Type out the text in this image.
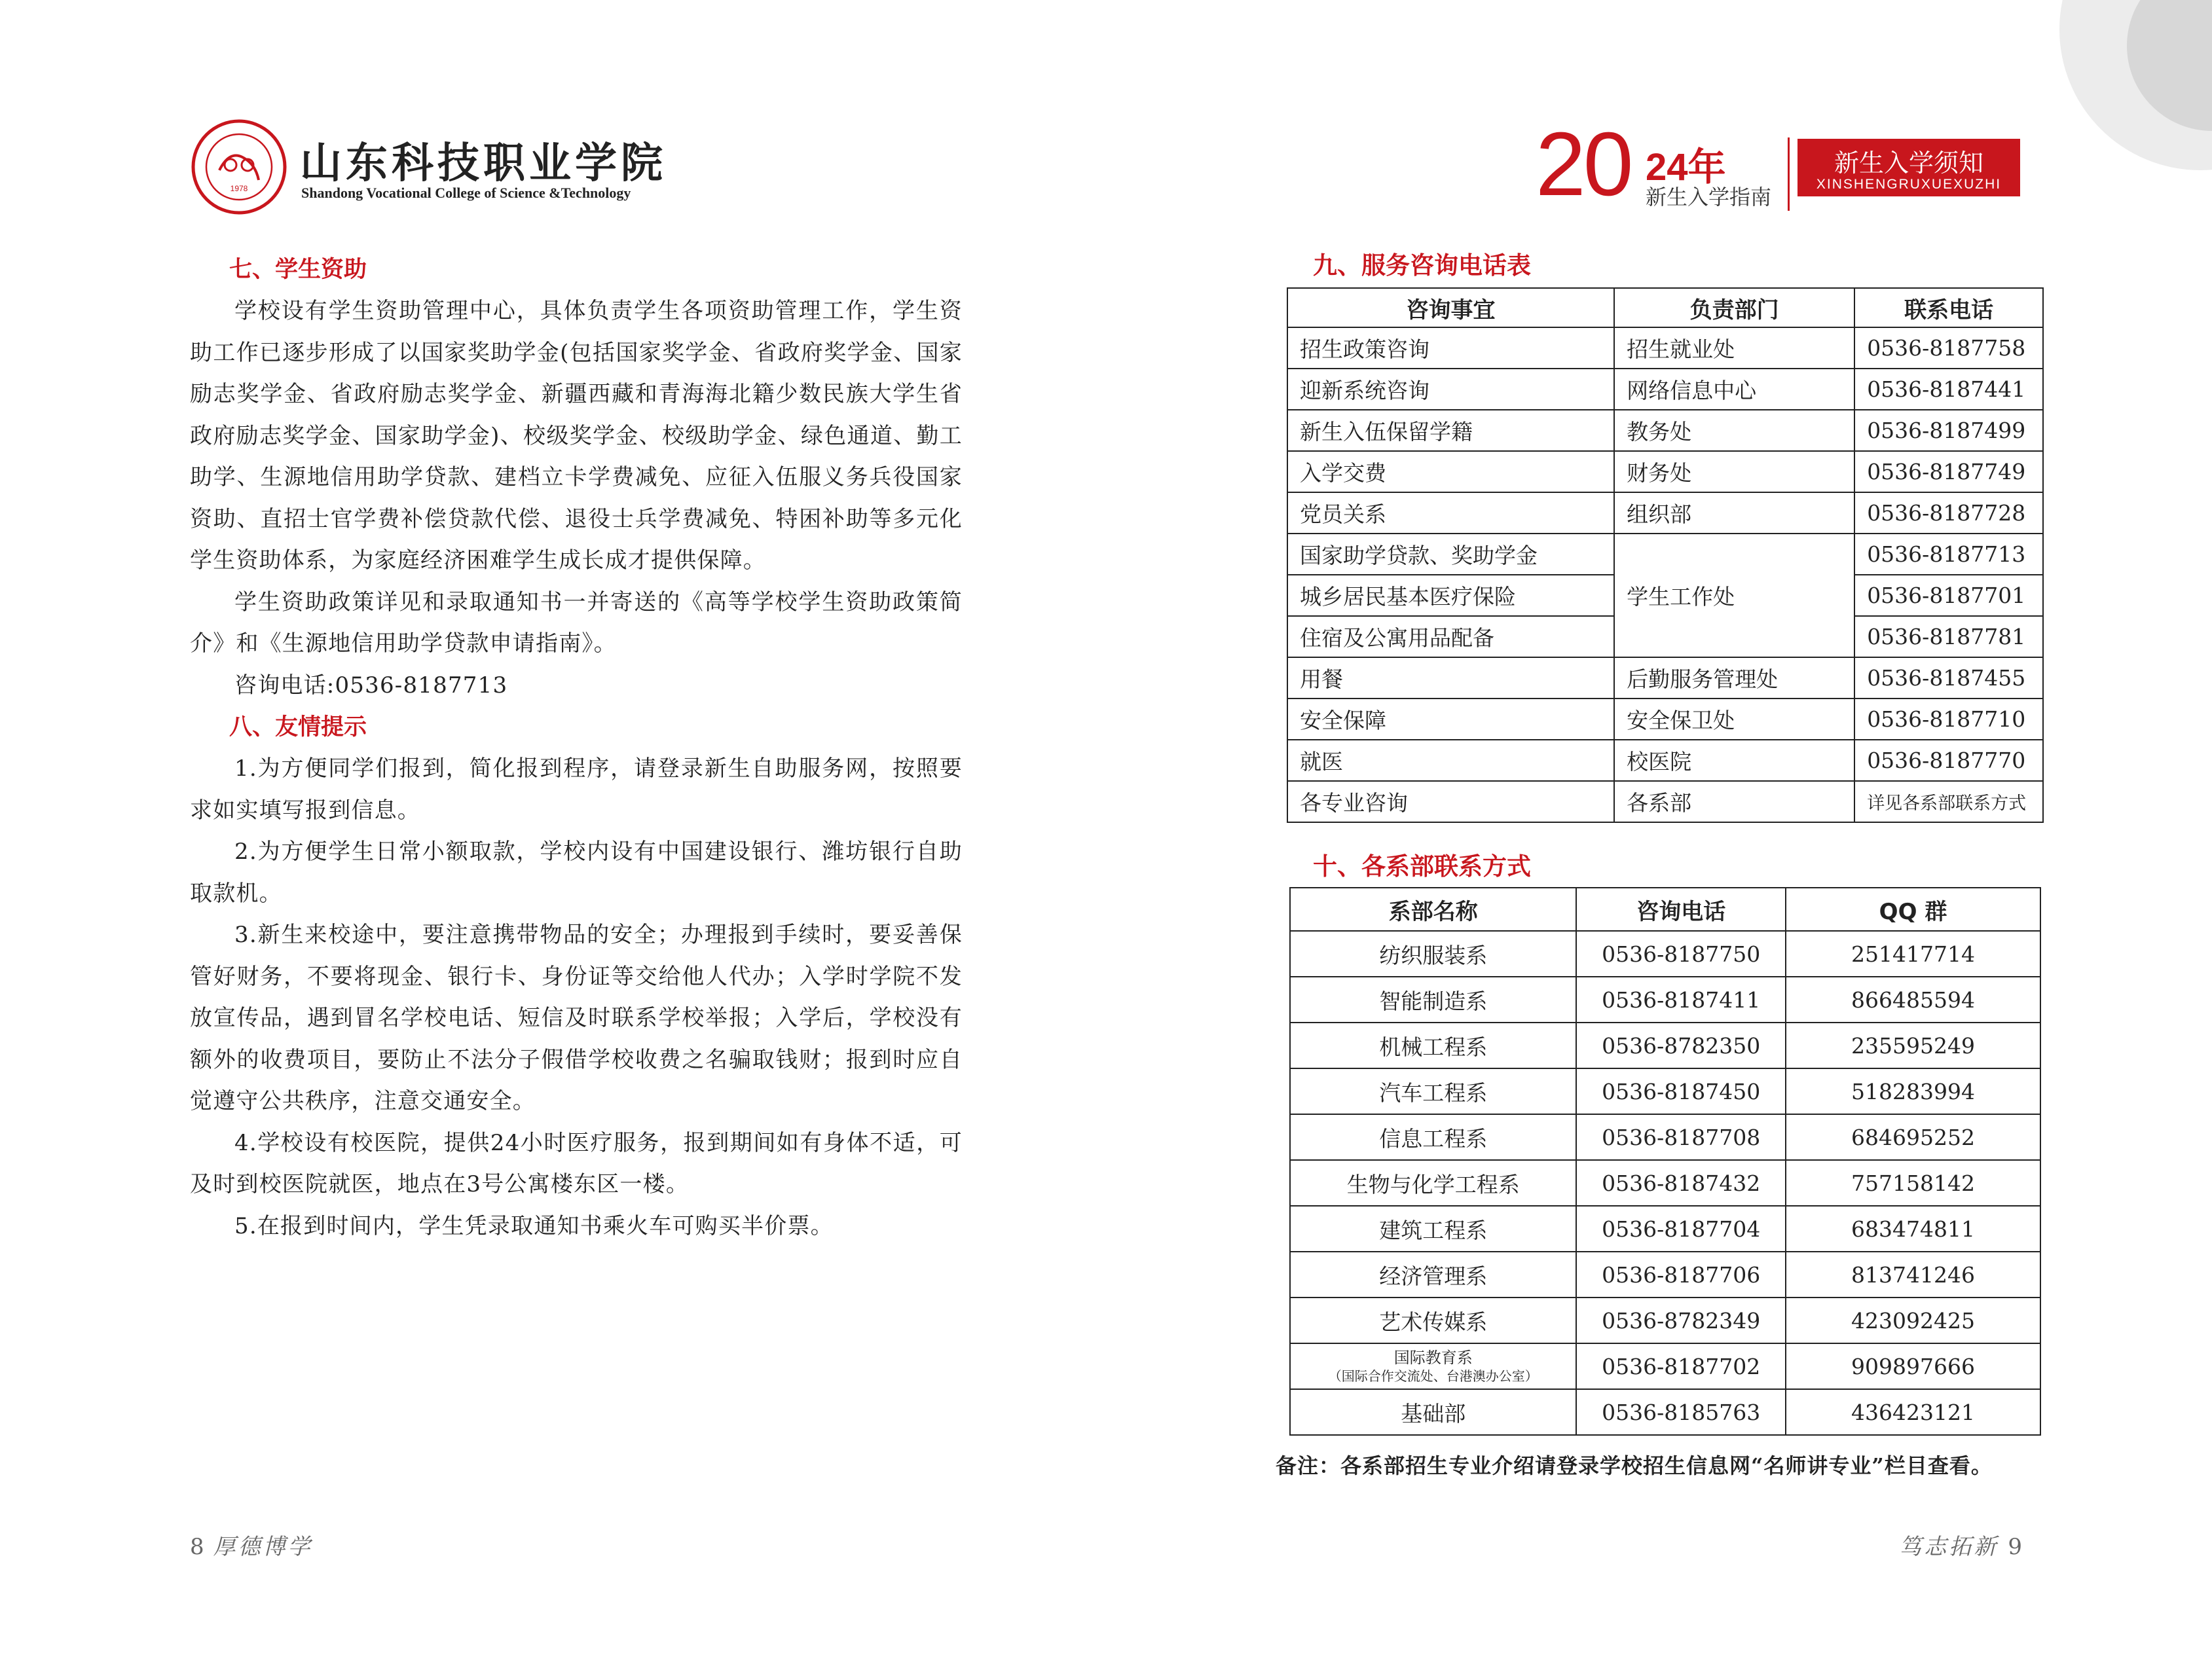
1978
山东科技职业学院
Shandong Vocational College of Science &Technology	20 24年
新生入学指南
新生入学须知
XINSHENGRUXUEXUZHI
七、学生资助

学校设有学生资助管理中心，具体负责学生各项资助管理工作，学生资助工作已逐步形成了以国家奖助学金(包括国家奖学金、省政府奖学金、国家励志奖学金、省政府励志奖学金、新疆西藏和青海海北籍少数民族大学生省政府励志奖学金、国家助学金)、校级奖学金、校级助学金、绿色通道、勤工助学、生源地信用助学贷款、建档立卡学费减免、应征入伍服义务兵役国家资助、直招士官学费补偿贷款代偿、退役士兵学费减免、特困补助等多元化学生资助体系，为家庭经济困难学生成长成才提供保障。

学生资助政策详见和录取通知书一并寄送的《高等学校学生资助政策简介》和《生源地信用助学贷款申请指南》。

咨询电话:0536-8187713

八、友情提示

1.为方便同学们报到，简化报到程序，请登录新生自助服务网，按照要求如实填写报到信息。

2.为方便学生日常小额取款，学校内设有中国建设银行、潍坊银行自助取款机。

3.新生来校途中，要注意携带物品的安全；办理报到手续时，要妥善保管好财务，不要将现金、银行卡、身份证等交给他人代办；入学时学院不发放宣传品，遇到冒名学校电话、短信及时联系学校举报；入学后，学校没有额外的收费项目，要防止不法分子假借学校收费之名骗取钱财；报到时应自觉遵守公共秩序，注意交通安全。

4.学校设有校医院，提供24小时医疗服务，报到期间如有身体不适，可及时到校医院就医，地点在3号公寓楼东区一楼。

5.在报到时间内，学生凭录取通知书乘火车可购买半价票。

九、服务咨询电话表
咨询事宜	负责部门	联系电话
招生政策咨询	招生就业处	0536-8187758
迎新系统咨询	网络信息中心	0536-8187441
新生入伍保留学籍	教务处	0536-8187499
入学交费	财务处	0536-8187749
党员关系	组织部	0536-8187728
国家助学贷款、奖助学金	学生工作处	0536-8187713
城乡居民基本医疗保险		0536-8187701
住宿及公寓用品配备		0536-8187781
用餐	后勤服务管理处	0536-8187455
安全保障	安全保卫处	0536-8187710
就医	校医院	0536-8187770
各专业咨询	各系部	详见各系部联系方式
十、各系部联系方式
系部名称	咨询电话	QQ 群
纺织服装系	0536-8187750	251417714
智能制造系	0536-8187411	866485594
机械工程系	0536-8782350	235595249
汽车工程系	0536-8187450	518283994
信息工程系	0536-8187708	684695252
生物与化学工程系	0536-8187432	757158142
建筑工程系	0536-8187704	683474811
经济管理系	0536-8187706	813741246
艺术传媒系	0536-8782349	423092425

国际教育系
（国际合作交流处、台港澳办公室）	0536-8187702	909897666
基础部	0536-8185763	436423121
备注：各系部招生专业介绍请登录学校招生信息网“名师讲专业”栏目查看。
8 厚德博学	笃志拓新 9
